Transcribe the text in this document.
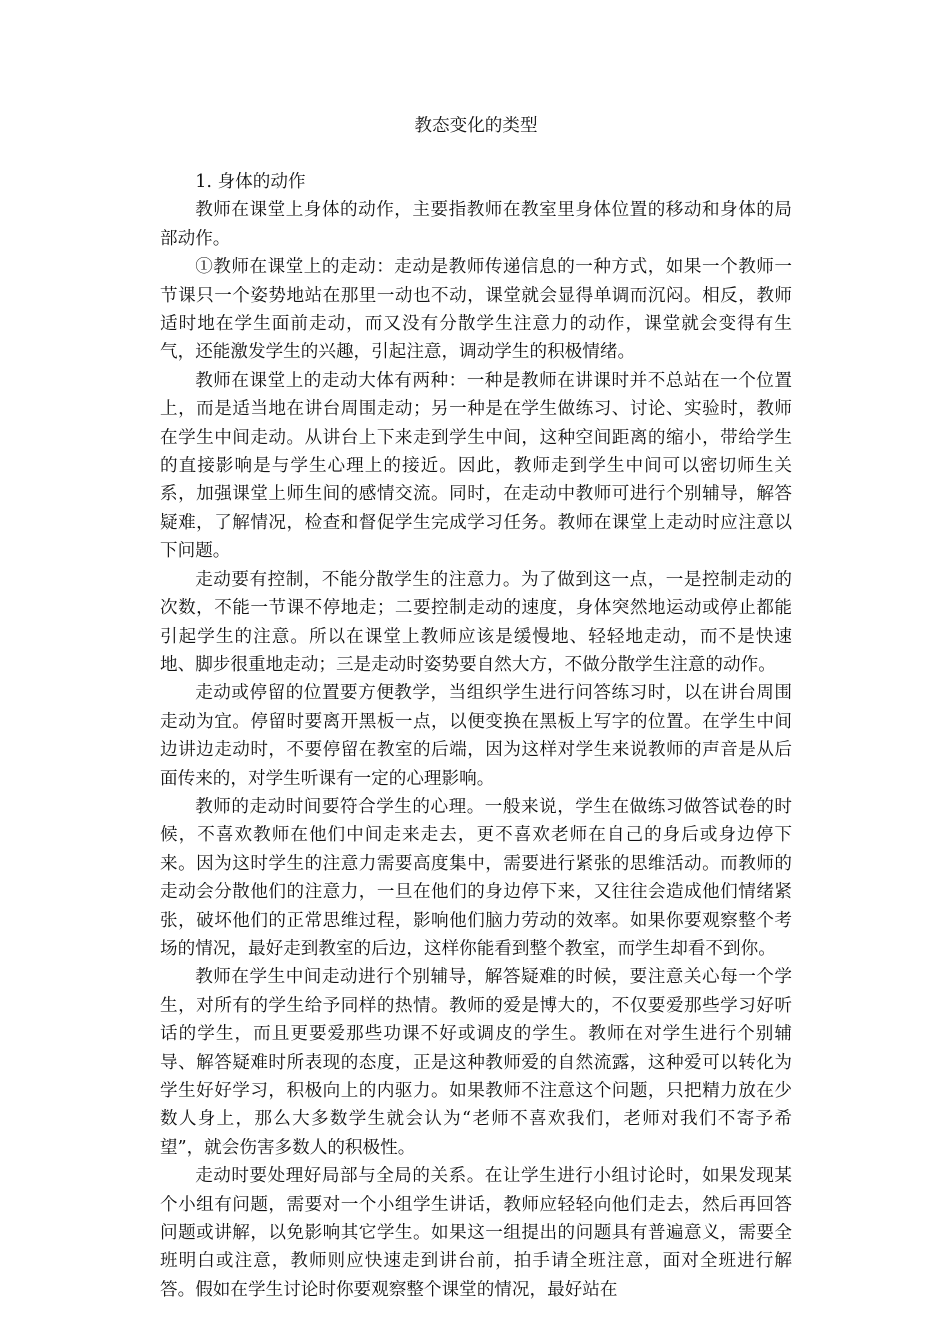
教态变化的类型

1. 身体的动作

教师在课堂上身体的动作，主要指教师在教室里身体位置的移动和身体的局部动作。

①教师在课堂上的走动：走动是教师传递信息的一种方式，如果一个教师一节课只一个姿势地站在那里一动也不动，课堂就会显得单调而沉闷。相反，教师适时地在学生面前走动，而又没有分散学生注意力的动作，课堂就会变得有生气，还能激发学生的兴趣，引起注意，调动学生的积极情绪。

教师在课堂上的走动大体有两种：一种是教师在讲课时并不总站在一个位置上，而是适当地在讲台周围走动；另一种是在学生做练习、讨论、实验时，教师在学生中间走动。从讲台上下来走到学生中间，这种空间距离的缩小，带给学生的直接影响是与学生心理上的接近。因此，教师走到学生中间可以密切师生关系，加强课堂上师生间的感情交流。同时，在走动中教师可进行个别辅导，解答疑难，了解情况，检查和督促学生完成学习任务。教师在课堂上走动时应注意以下问题。

走动要有控制，不能分散学生的注意力。为了做到这一点，一是控制走动的次数，不能一节课不停地走；二要控制走动的速度，身体突然地运动或停止都能引起学生的注意。所以在课堂上教师应该是缓慢地、轻轻地走动，而不是快速地、脚步很重地走动；三是走动时姿势要自然大方，不做分散学生注意的动作。

走动或停留的位置要方便教学，当组织学生进行问答练习时，以在讲台周围走动为宜。停留时要离开黑板一点，以便变换在黑板上写字的位置。在学生中间边讲边走动时，不要停留在教室的后端，因为这样对学生来说教师的声音是从后面传来的，对学生听课有一定的心理影响。

教师的走动时间要符合学生的心理。一般来说，学生在做练习做答试卷的时候，不喜欢教师在他们中间走来走去，更不喜欢老师在自己的身后或身边停下来。因为这时学生的注意力需要高度集中，需要进行紧张的思维活动。而教师的走动会分散他们的注意力，一旦在他们的身边停下来，又往往会造成他们情绪紧张，破坏他们的正常思维过程，影响他们脑力劳动的效率。如果你要观察整个考场的情况，最好走到教室的后边，这样你能看到整个教室，而学生却看不到你。

教师在学生中间走动进行个别辅导，解答疑难的时候，要注意关心每一个学生，对所有的学生给予同样的热情。教师的爱是博大的，不仅要爱那些学习好听话的学生，而且更要爱那些功课不好或调皮的学生。教师在对学生进行个别辅导、解答疑难时所表现的态度，正是这种教师爱的自然流露，这种爱可以转化为学生好好学习，积极向上的内驱力。如果教师不注意这个问题，只把精力放在少数人身上，那么大多数学生就会认为“老师不喜欢我们，老师对我们不寄予希望”，就会伤害多数人的积极性。

走动时要处理好局部与全局的关系。在让学生进行小组讨论时，如果发现某个小组有问题，需要对一个小组学生讲话，教师应轻轻向他们走去，然后再回答问题或讲解，以免影响其它学生。如果这一组提出的问题具有普遍意义，需要全班明白或注意，教师则应快速走到讲台前，拍手请全班注意，面对全班进行解答。假如在学生讨论时你要观察整个课堂的情况，最好站在
